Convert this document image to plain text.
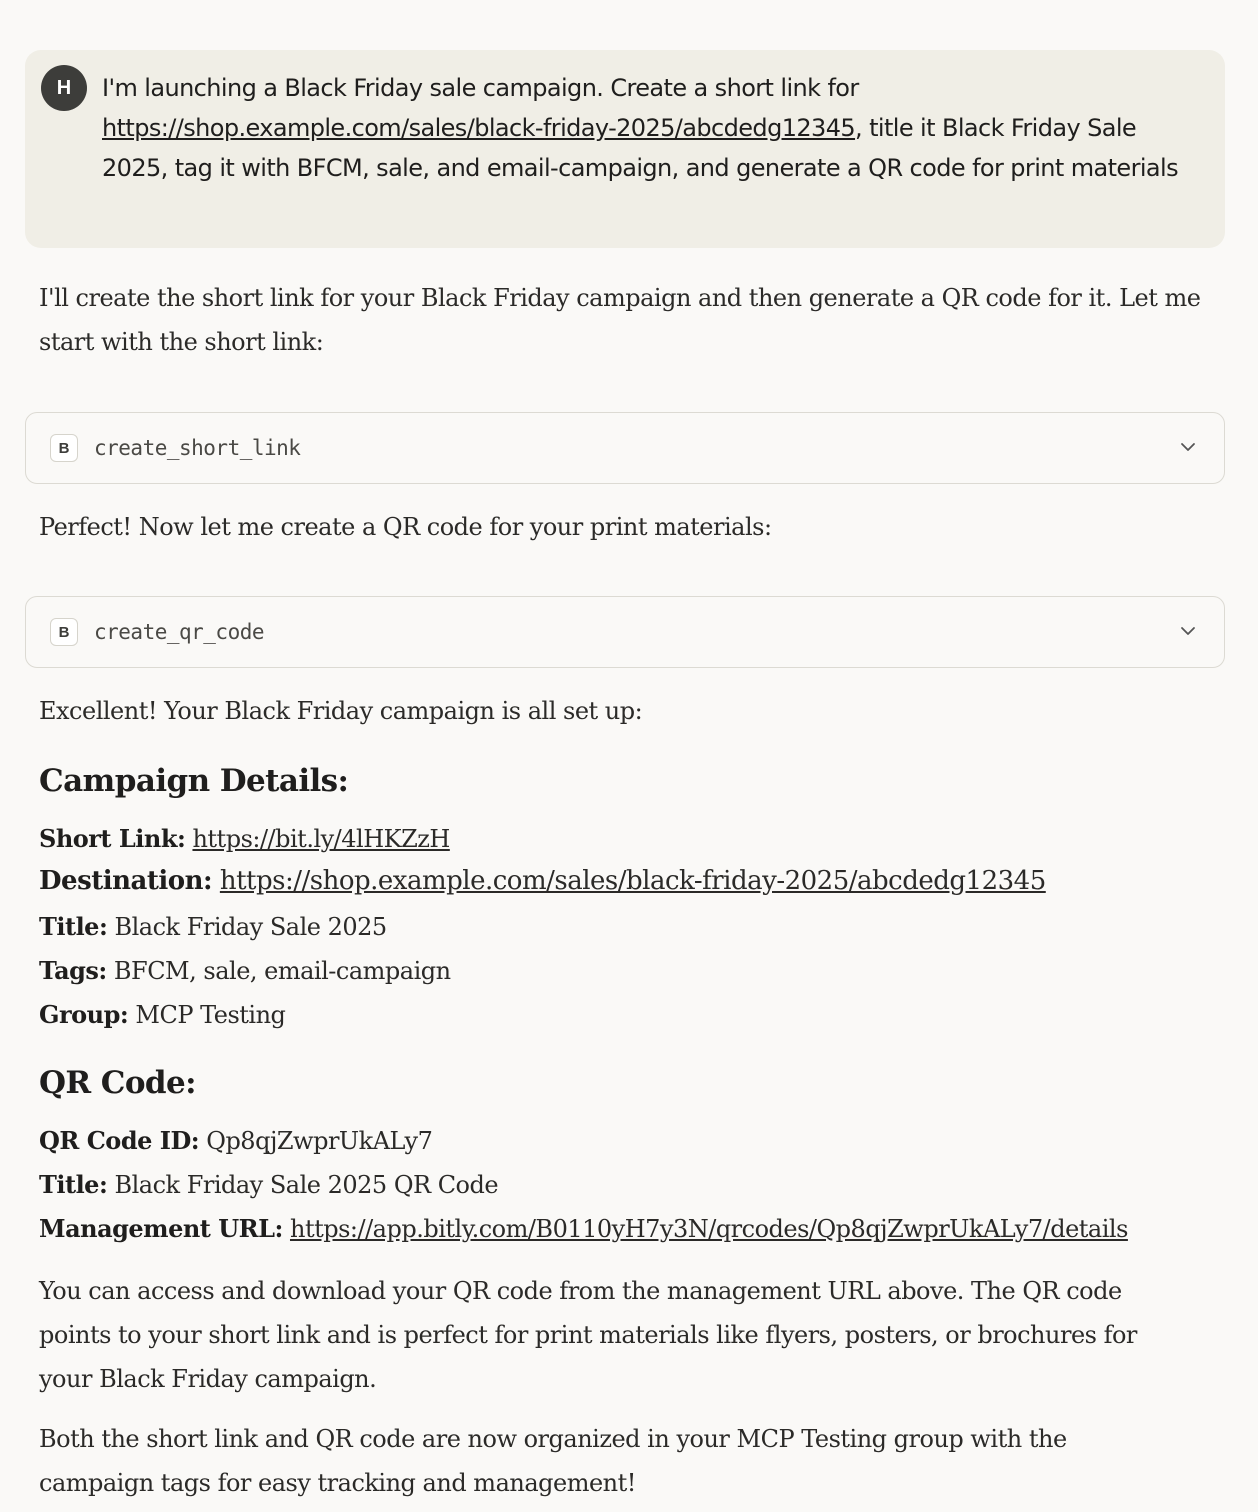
H I'm launching a Black Friday sale campaign. Create a short link for https://shop.example.com/sales/black-friday-2025/abcdedg12345, title it Black Friday Sale 2025, tag it with BFCM, sale, and email-campaign, and generate a QR code for print materials
I'll create the short link for your Black Friday campaign and then generate a QR code for it. Let me start with the short link:
B	create_short_link
Perfect! Now let me create a QR code for your print materials:
B	create_qr_code
Excellent! Your Black Friday campaign is all set up:
Campaign Details:
Short Link: https://bit.ly/4lHKZzH
Destination: https://shop.example.com/sales/black-friday-2025/abcdedg12345
Title: Black Friday Sale 2025
Tags: BFCM, sale, email-campaign
Group: MCP Testing
QR Code:
QR Code ID: Qp8qjZwprUkALy7
Title: Black Friday Sale 2025 QR Code
Management URL: https://app.bitly.com/B0110yH7y3N/qrcodes/Qp8qjZwprUkALy7/details
You can access and download your QR code from the management URL above. The QR code points to your short link and is perfect for print materials like flyers, posters, or brochures for your Black Friday campaign.
Both the short link and QR code are now organized in your MCP Testing group with the campaign tags for easy tracking and management!
